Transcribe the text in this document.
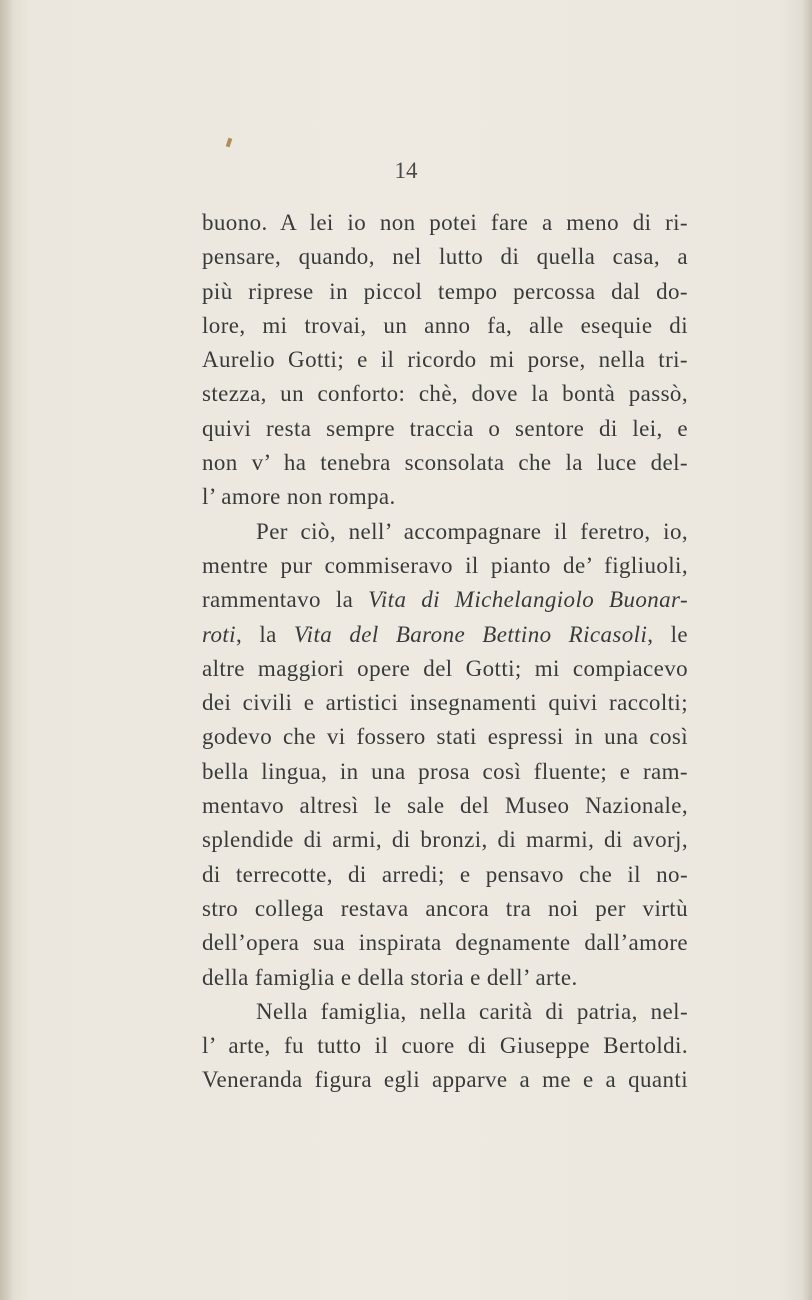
14
buono. A lei io non potei fare a meno di ri-
pensare, quando, nel lutto di quella casa, a
più riprese in piccol tempo percossa dal do-
lore, mi trovai, un anno fa, alle esequie di
Aurelio Gotti; e il ricordo mi porse, nella tri-
stezza, un conforto: chè, dove la bontà passò,
quivi resta sempre traccia o sentore di lei, e
non v’ ha tenebra sconsolata che la luce del-
l’ amore non rompa.
Per ciò, nell’ accompagnare il feretro, io,
mentre pur commiseravo il pianto de’ figliuoli,
rammentavo la Vita di Michelangiolo Buonar-
roti, la Vita del Barone Bettino Ricasoli, le
altre maggiori opere del Gotti; mi compiacevo
dei civili e artistici insegnamenti quivi raccolti;
godevo che vi fossero stati espressi in una così
bella lingua, in una prosa così fluente; e ram-
mentavo altresì le sale del Museo Nazionale,
splendide di armi, di bronzi, di marmi, di avorj,
di terrecotte, di arredi; e pensavo che il no-
stro collega restava ancora tra noi per virtù
dell’opera sua inspirata degnamente dall’amore
della famiglia e della storia e dell’ arte.
Nella famiglia, nella carità di patria, nel-
l’ arte, fu tutto il cuore di Giuseppe Bertoldi.
Veneranda figura egli apparve a me e a quanti
